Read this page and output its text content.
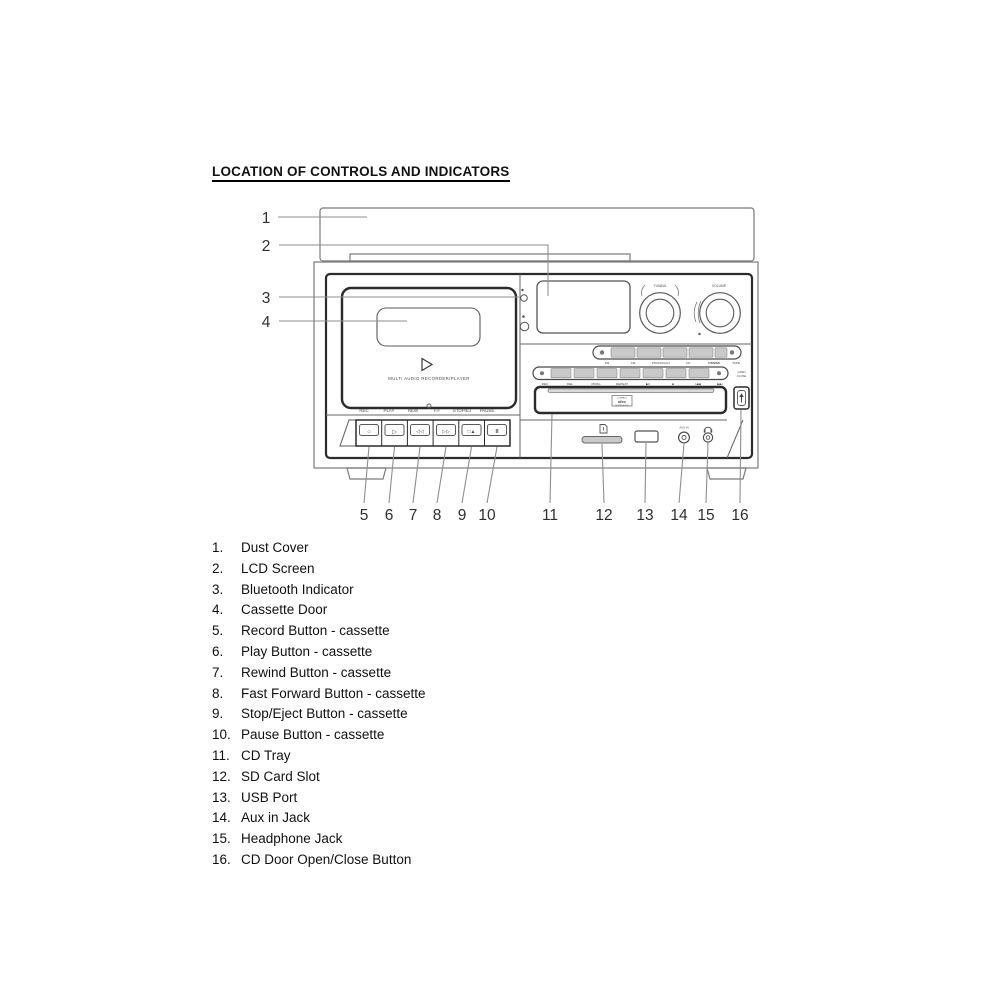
LOCATION OF CONTROLS AND INDICATORS
MULTI AUDIO RECORDER/PLAYER
REC	PLAY	REW	F.F	STOP/EJ PAUSE
○	▷	◁◁	▷▷	□▲	II
TUNING	VOLUME
FM	AM	PHONO/AUX	CD	USB/SD	TAPE
REC	DEL	PROG	REPEAT	▶II	■	I◀◀	▶▶I
COMPACT
disc
DIGITAL AUDIO
OPEN
CLOSE
AUX IN
1
2
3
4
5 6 7 8 9 10	11 12 13 14 15 16
1.	Dust Cover
2.	LCD Screen
3.	Bluetooth Indicator
4.	Cassette Door
5.	Record Button - cassette
6.	Play Button - cassette
7.	Rewind Button - cassette
8.	Fast Forward Button - cassette
9.	Stop/Eject Button - cassette
10. Pause Button - cassette
11. CD Tray
12. SD Card Slot
13. USB Port
14. Aux in Jack
15. Headphone Jack
16. CD Door Open/Close Button
